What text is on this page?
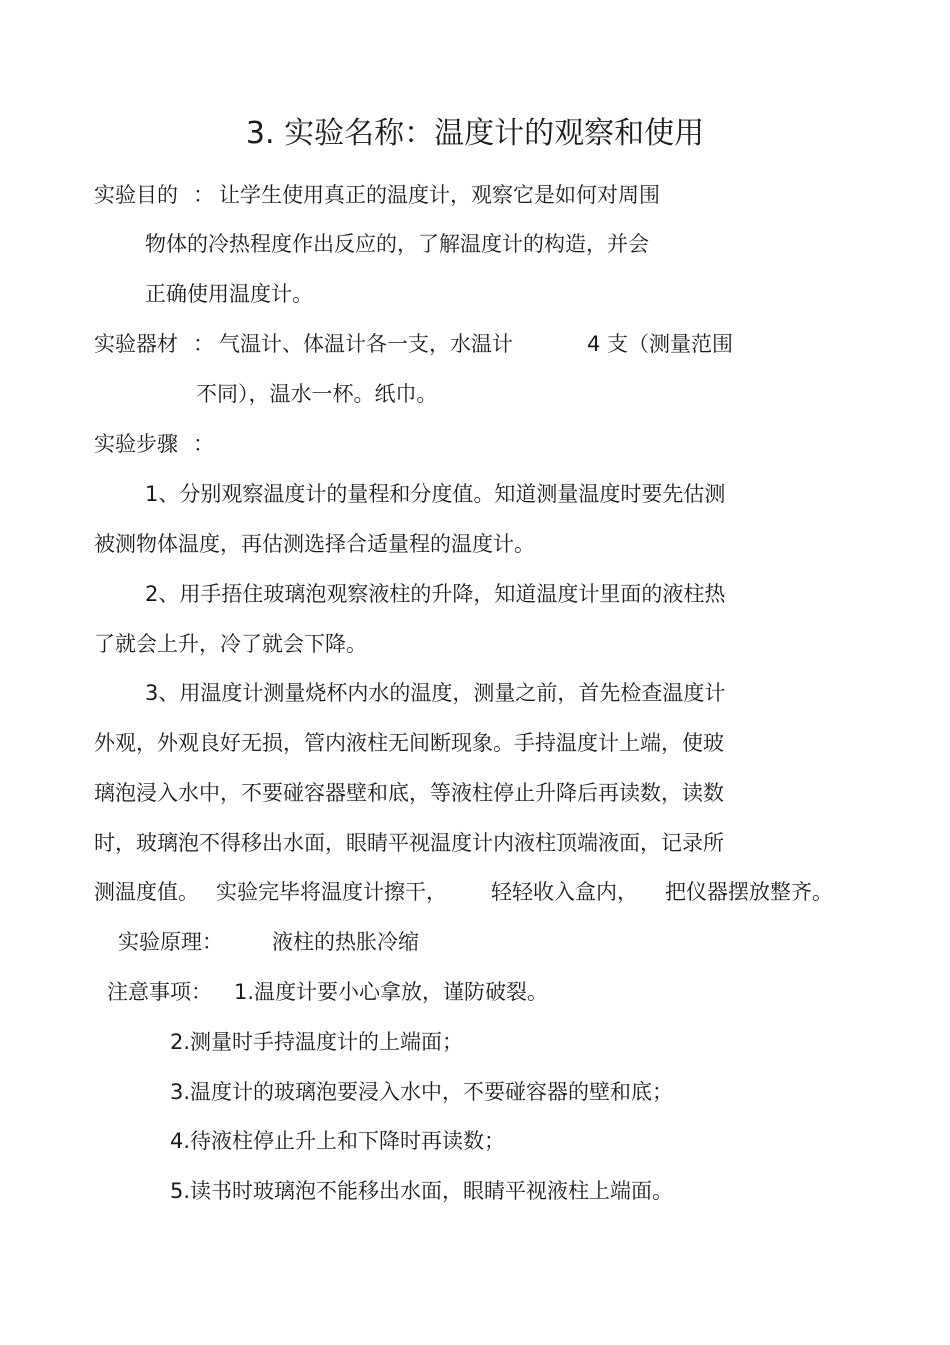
3. 实验名称：温度计的观察和使用
实验目的 ： 让学生使用真正的温度计，观察它是如何对周围
物体的冷热程度作出反应的，了解温度计的构造，并会
正确使用温度计。
实验器材 ： 气温计、体温计各一支，水温计	4 支（测量范围
不同），温水一杯。纸巾。
实验步骤 ：
1、分别观察温度计的量程和分度值。知道测量温度时要先估测
被测物体温度，再估测选择合适量程的温度计。
2、用手捂住玻璃泡观察液柱的升降，知道温度计里面的液柱热
了就会上升，冷了就会下降。
3、用温度计测量烧杯内水的温度，测量之前，首先检查温度计
外观，外观良好无损，管内液柱无间断现象。手持温度计上端，使玻
璃泡浸入水中，不要碰容器壁和底，等液柱停止升降后再读数，读数
时，玻璃泡不得移出水面，眼睛平视温度计内液柱顶端液面，记录所
测温度值。 实验完毕将温度计擦干， 轻轻收入盒内， 把仪器摆放整齐。
实验原理： 液柱的热胀冷缩
注意事项： 1.温度计要小心拿放，谨防破裂。
2.测量时手持温度计的上端面；
3.温度计的玻璃泡要浸入水中，不要碰容器的壁和底；
4.待液柱停止升上和下降时再读数；
5.读书时玻璃泡不能移出水面，眼睛平视液柱上端面。
